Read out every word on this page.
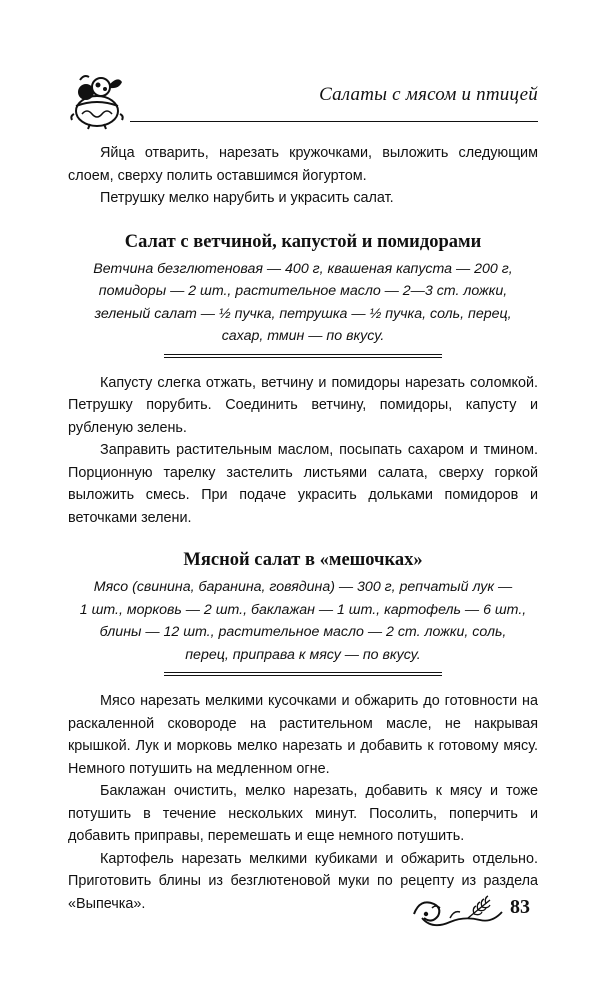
Салаты с мясом и птицей

Яйца отварить, нарезать кружочками, выложить следующим слоем, сверху полить оставшимся йогуртом.

Петрушку мелко нарубить и украсить салат.

Салат с ветчиной, капустой и помидорами
Ветчина безглютеновая — 400 г, квашеная капуста — 200 г,
помидоры — 2 шт., растительное масло — 2—3 ст. ложки,
зеленый салат — ½ пучка, петрушка — ½ пучка, соль, перец,
сахар, тмин — по вкусу.

Капусту слегка отжать, ветчину и помидоры нарезать соломкой. Петрушку порубить. Соединить ветчину, помидоры, капусту и рубленую зелень.

Заправить растительным маслом, посыпать сахаром и тмином. Порционную тарелку застелить листьями салата, сверху горкой выложить смесь. При подаче украсить дольками помидоров и веточками зелени.

Мясной салат в «мешочках»
Мясо (свинина, баранина, говядина) — 300 г, репчатый лук —
1 шт., морковь — 2 шт., баклажан — 1 шт., картофель — 6 шт.,
блины — 12 шт., растительное масло — 2 ст. ложки, соль,
перец, приправа к мясу — по вкусу.

Мясо нарезать мелкими кусочками и обжарить до готовности на раскаленной сковороде на растительном масле, не накрывая крышкой. Лук и морковь мелко нарезать и добавить к готовому мясу. Немного потушить на медленном огне.

Баклажан очистить, мелко нарезать, добавить к мясу и тоже потушить в течение нескольких минут. Посолить, поперчить и добавить приправы, перемешать и еще немного потушить.

Картофель нарезать мелкими кубиками и обжарить отдельно. Приготовить блины из безглютеновой муки по рецепту из раздела «Выпечка».	83
